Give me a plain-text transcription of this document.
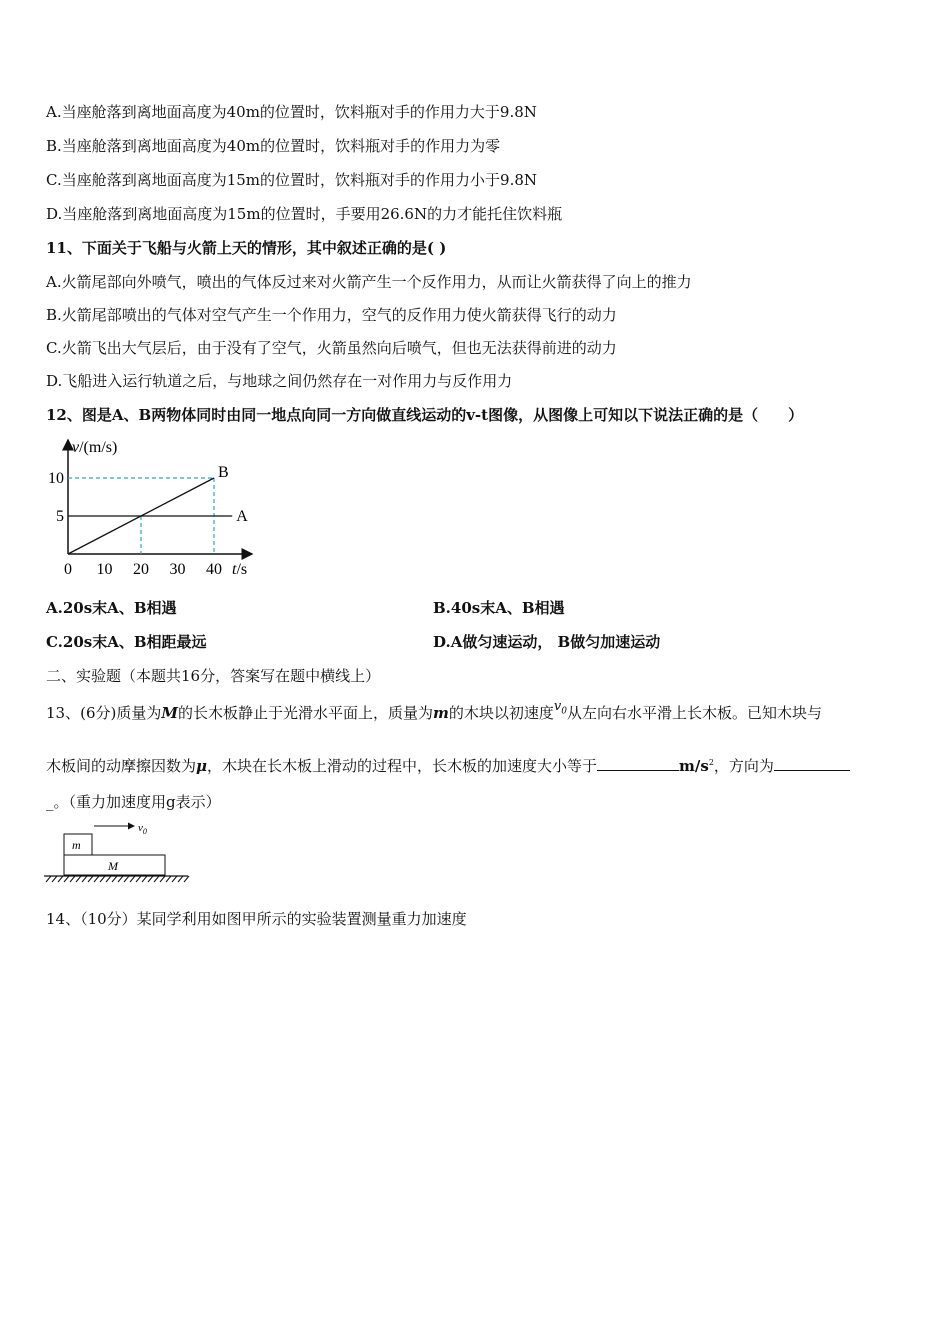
A.当座舱落到离地面高度为40m的位置时，饮料瓶对手的作用力大于9.8N
B.当座舱落到离地面高度为40m的位置时，饮料瓶对手的作用力为零
C.当座舱落到离地面高度为15m的位置时，饮料瓶对手的作用力小于9.8N
D.当座舱落到离地面高度为15m的位置时，手要用26.6N的力才能托住饮料瓶
11、下面关于飞船与火箭上天的情形，其中叙述正确的是( )
A.火箭尾部向外喷气，喷出的气体反过来对火箭产生一个反作用力，从而让火箭获得了向上的推力
B.火箭尾部喷出的气体对空气产生一个作用力，空气的反作用力使火箭获得飞行的动力
C.火箭飞出大气层后，由于没有了空气，火箭虽然向后喷气，但也无法获得前进的动力
D.飞船进入运行轨道之后，与地球之间仍然存在一对作用力与反作用力
12、图是A、B两物体同时由同一地点向同一方向做直线运动的v-t图像，从图像上可知以下说法正确的是（　　）
A
B
0 10 20 30 40
5
10
v/(m/s)
t/s
A.20s末A、B相遇	B.40s末A、B相遇
C.20s末A、B相距最远	D.A做匀速运动， B做匀加速运动
二、实验题（本题共16分，答案写在题中横线上）
13、(6分)质量为M的长木板静止于光滑水平面上，质量为m的木块以初速度$v_0$从左向右水平滑上长木板。已知木块与
木板间的动摩擦因数为μ，木块在长木板上滑动的过程中，长木板的加速度大小等于	$m/s^2$，方向为
_。（重力加速度用g表示）
$v_0$
m
M
14、（10分）某同学利用如图甲所示的实验装置测量重力加速度
